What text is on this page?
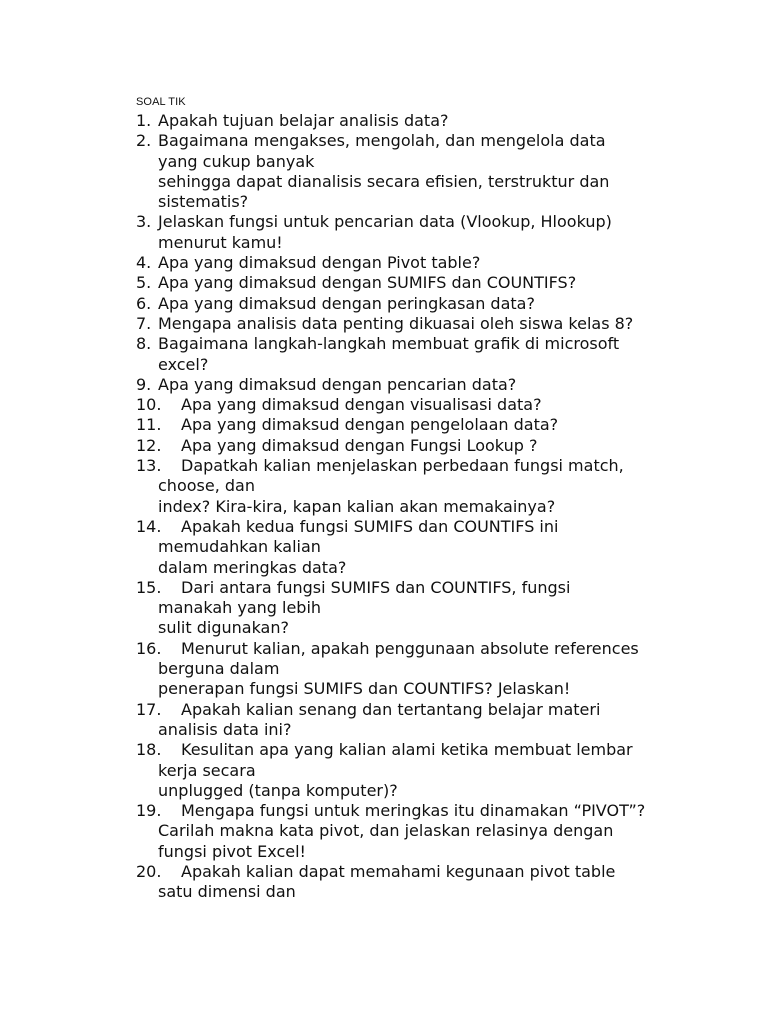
SOAL TIK
1. Apakah tujuan belajar analisis data?
2. Bagaimana mengakses, mengolah, dan mengelola data
yang cukup banyak
sehingga dapat dianalisis secara efisien, terstruktur dan
sistematis?
3. Jelaskan fungsi untuk pencarian data (Vlookup, Hlookup)
menurut kamu!
4. Apa yang dimaksud dengan Pivot table?
5. Apa yang dimaksud dengan SUMIFS dan COUNTIFS?
6. Apa yang dimaksud dengan peringkasan data?
7. Mengapa analisis data penting dikuasai oleh siswa kelas 8?
8. Bagaimana langkah-langkah membuat grafik di microsoft
excel?
9. Apa yang dimaksud dengan pencarian data?
10.	Apa yang dimaksud dengan visualisasi data?
11.	Apa yang dimaksud dengan pengelolaan data?
12.	Apa yang dimaksud dengan Fungsi Lookup ?
13.	Dapatkah kalian menjelaskan perbedaan fungsi match,
choose, dan
index? Kira-kira, kapan kalian akan memakainya?
14.	Apakah kedua fungsi SUMIFS dan COUNTIFS ini
memudahkan kalian
dalam meringkas data?
15.	Dari antara fungsi SUMIFS dan COUNTIFS, fungsi
manakah yang lebih
sulit digunakan?
16.	Menurut kalian, apakah penggunaan absolute references
berguna dalam
penerapan fungsi SUMIFS dan COUNTIFS? Jelaskan!
17.	Apakah kalian senang dan tertantang belajar materi
analisis data ini?
18.	Kesulitan apa yang kalian alami ketika membuat lembar
kerja secara
unplugged (tanpa komputer)?
19.	Mengapa fungsi untuk meringkas itu dinamakan “PIVOT”?
Carilah makna kata pivot, dan jelaskan relasinya dengan
fungsi pivot Excel!
20.	Apakah kalian dapat memahami kegunaan pivot table
satu dimensi dan
